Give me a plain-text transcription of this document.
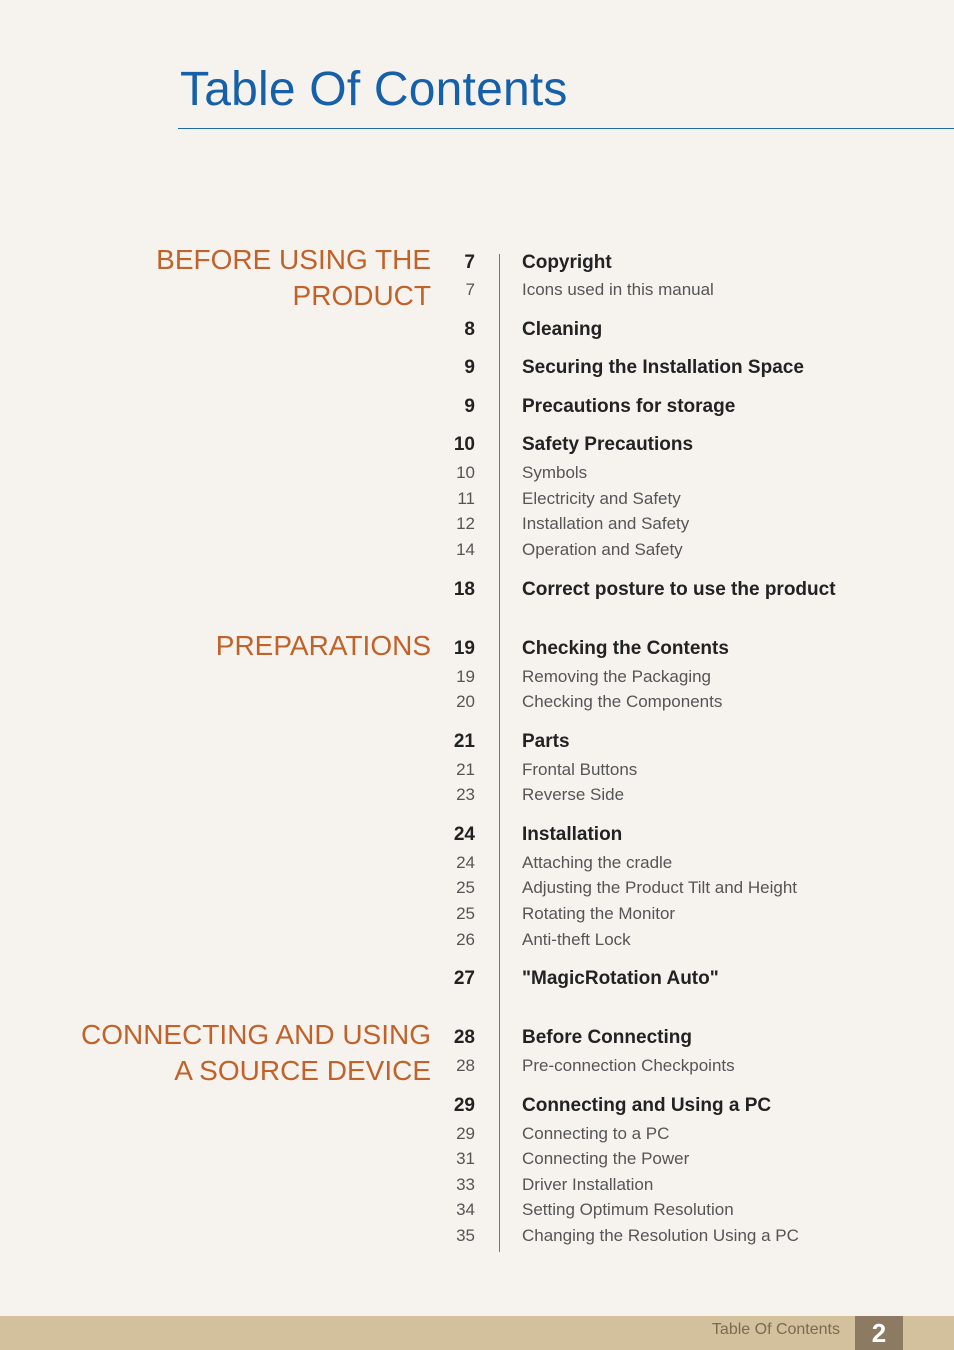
Table Of Contents
BEFORE USING THE
PRODUCT
7 Copyright
7	Icons used in this manual
8 Cleaning
9 Securing the Installation Space
9 Precautions for storage
10 Safety Precautions
10	Symbols
11	Electricity and Safety
12	Installation and Safety
14	Operation and Safety
18 Correct posture to use the product
PREPARATIONS	19 Checking the Contents
19	Removing the Packaging
20	Checking the Components
21 Parts
21	Frontal Buttons
23	Reverse Side
24 Installation
24	Attaching the cradle
25	Adjusting the Product Tilt and Height
25	Rotating the Monitor
26	Anti-theft Lock
27 "MagicRotation Auto"
CONNECTING AND USING
A SOURCE DEVICE
28 Before Connecting
28	Pre-connection Checkpoints
29 Connecting and Using a PC
29	Connecting to a PC
31	Connecting the Power
33	Driver Installation
34	Setting Optimum Resolution
35	Changing the Resolution Using a PC
Table Of Contents	2
